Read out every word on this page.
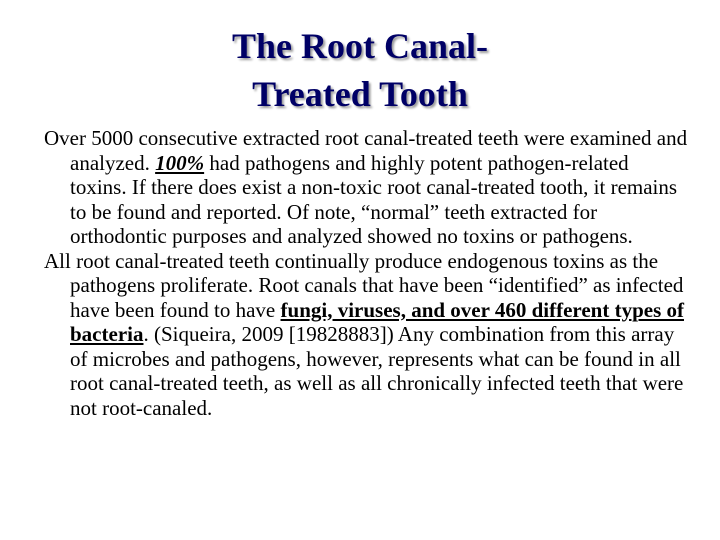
The Root Canal-
Treated Tooth

Over 5000 consecutive extracted root canal-treated teeth were examined and analyzed. 100% had pathogens and highly potent pathogen-related toxins. If there does exist a non-toxic root canal-treated tooth, it remains to be found and reported. Of note, “normal” teeth extracted for orthodontic purposes and analyzed showed no toxins or pathogens.

All root canal-treated teeth continually produce endogenous toxins as the pathogens proliferate. Root canals that have been “identified” as infected have been found to have fungi, viruses, and over 460 different types of bacteria. (Siqueira, 2009 [19828883]) Any combination from this array of microbes and pathogens, however, represents what can be found in all root canal-treated teeth, as well as all chronically infected teeth that were not root-canaled.
